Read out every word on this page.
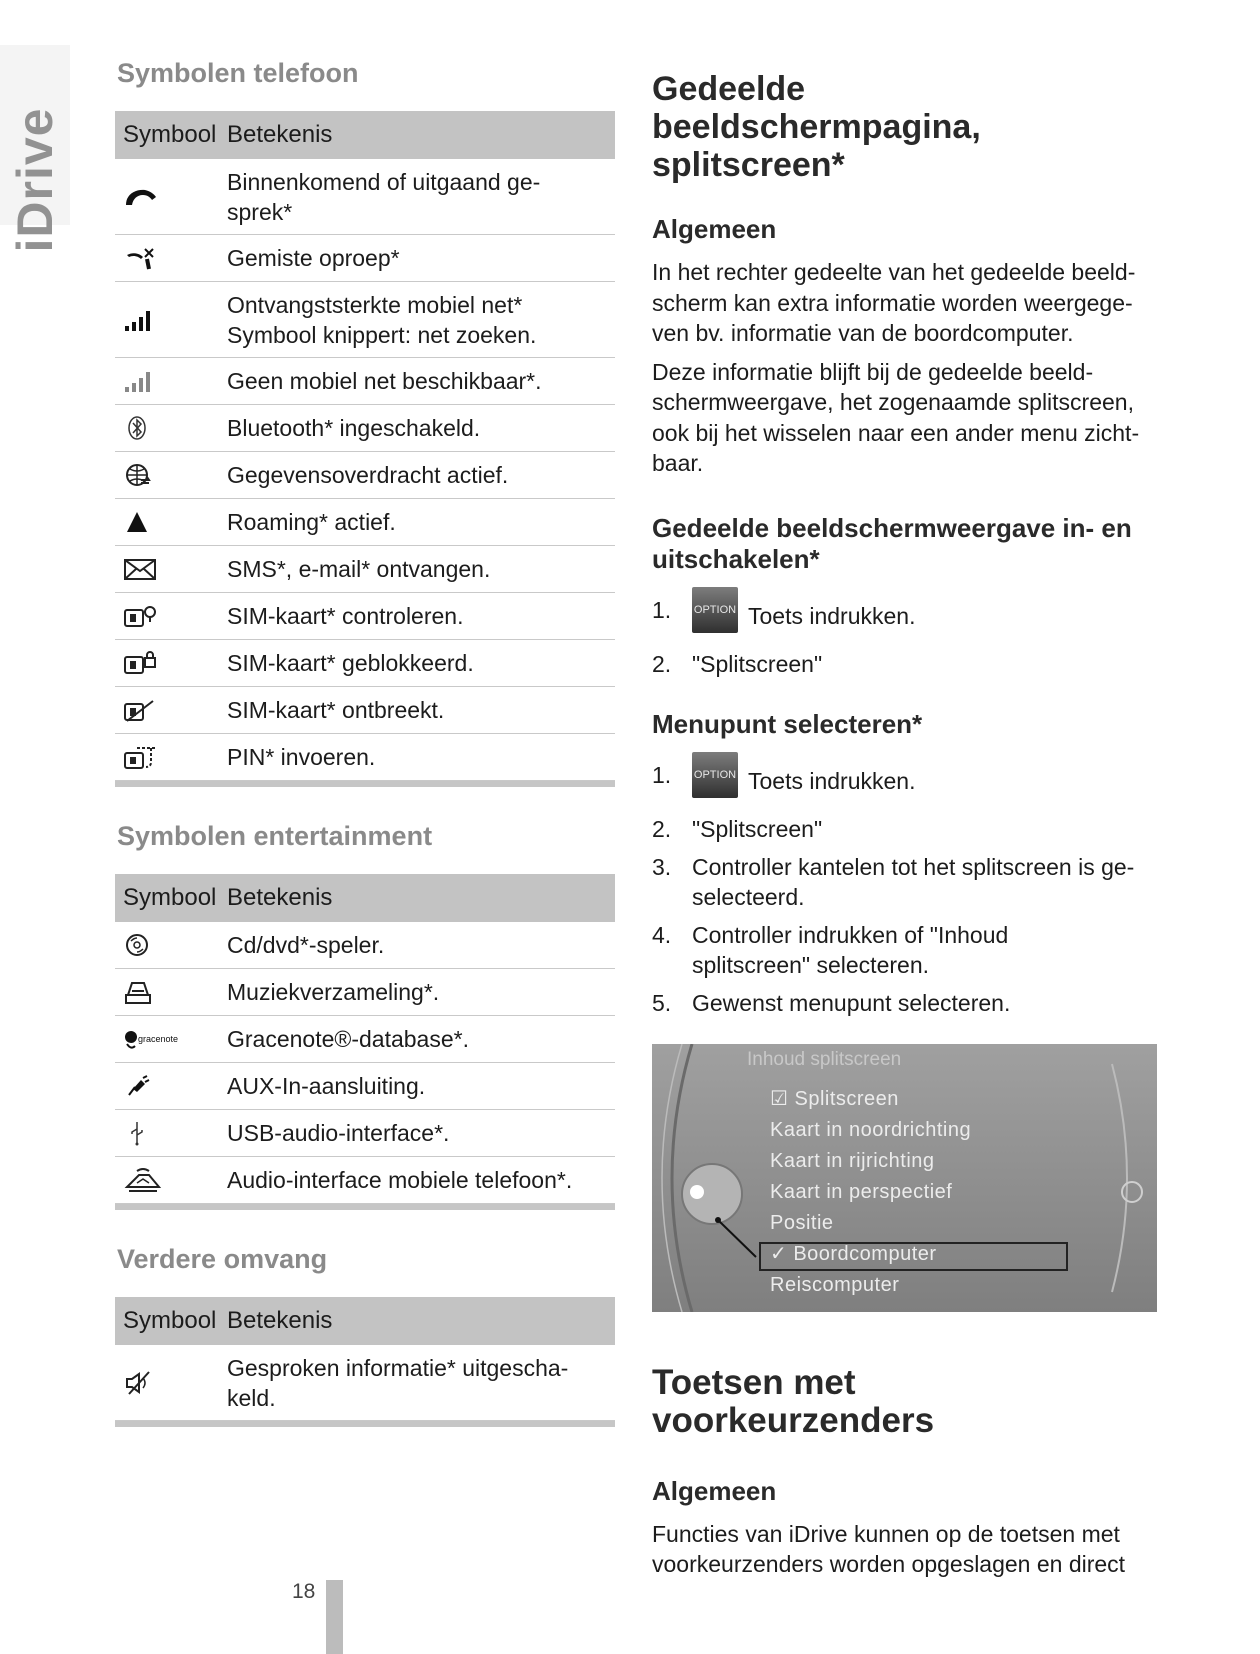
iDrive
Symbolen telefoon
Symbool Betekenis
Binnenkomend of uitgaand ge-
sprek*
Gemiste oproep*
Ontvangststerkte mobiel net*
Symbool knippert: net zoeken.
Geen mobiel net beschikbaar*.
Bluetooth* ingeschakeld.
Gegevensoverdracht actief.
Roaming* actief.
SMS*, e-mail* ontvangen.
SIM-kaart* controleren.
SIM-kaart* geblokkeerd.
SIM-kaart* ontbreekt.
PIN* invoeren.
Symbolen entertainment
Symbool Betekenis
Cd/dvd*-speler.
Muziekverzameling*.
gracenote Gracenote®-database*.
AUX-In-aansluiting.
USB-audio-interface*.
Audio-interface mobiele telefoon*.
Verdere omvang
Symbool Betekenis
Gesproken informatie* uitgescha-
keld.
Gedeelde
beeldschermpagina,
splitscreen*
Algemeen

In het rechter gedeelte van het gedeelde beeld-
scherm kan extra informatie worden weergege-
ven bv. informatie van de boordcomputer.

Deze informatie blijft bij de gedeelde beeld-
schermweergave, het zogenaamde splitscreen,
ook bij het wisselen naar een ander menu zicht-
baar.

Gedeelde beeldschermweergave in- en
uitschakelen*
1.	OPTION Toets indrukken.
2. "Splitscreen"
Menupunt selecteren*
1.	OPTION Toets indrukken.
2. "Splitscreen"
3. Controller kantelen tot het splitscreen is ge-
selecteerd.
4. Controller indrukken of "Inhoud
splitscreen" selecteren.
5. Gewenst menupunt selecteren.
Inhoud splitscreen
☑ Splitscreen
Kaart in noordrichting
Kaart in rijrichting
Kaart in perspectief
Positie
✓ Boordcomputer
Reiscomputer
Toetsen met
voorkeurzenders
Algemeen

Functies van iDrive kunnen op de toetsen met
voorkeurzenders worden opgeslagen en direct

18
